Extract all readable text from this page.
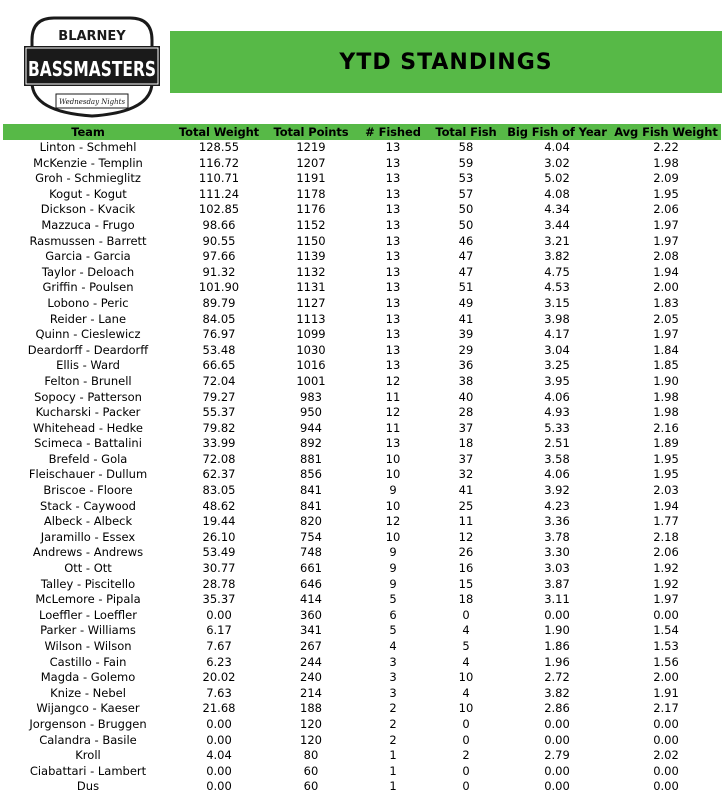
BLARNEY
BASSMASTERS
Wednesday Nights
YTD STANDINGS
Team	Total Weight	Total Points	# Fished	Total Fish	Big Fish of Year	Avg Fish Weight
Linton - Schmehl	128.55	1219	13	58	4.04	2.22
McKenzie - Templin	116.72	1207	13	59	3.02	1.98
Groh - Schmieglitz	110.71	1191	13	53	5.02	2.09
Kogut - Kogut	111.24	1178	13	57	4.08	1.95
Dickson - Kvacik	102.85	1176	13	50	4.34	2.06
Mazzuca - Frugo	98.66	1152	13	50	3.44	1.97
Rasmussen - Barrett	90.55	1150	13	46	3.21	1.97
Garcia - Garcia	97.66	1139	13	47	3.82	2.08
Taylor - Deloach	91.32	1132	13	47	4.75	1.94
Griffin - Poulsen	101.90	1131	13	51	4.53	2.00
Lobono - Peric	89.79	1127	13	49	3.15	1.83
Reider - Lane	84.05	1113	13	41	3.98	2.05
Quinn - Cieslewicz	76.97	1099	13	39	4.17	1.97
Deardorff - Deardorff	53.48	1030	13	29	3.04	1.84
Ellis - Ward	66.65	1016	13	36	3.25	1.85
Felton - Brunell	72.04	1001	12	38	3.95	1.90
Sopocy - Patterson	79.27	983	11	40	4.06	1.98
Kucharski - Packer	55.37	950	12	28	4.93	1.98
Whitehead - Hedke	79.82	944	11	37	5.33	2.16
Scimeca - Battalini	33.99	892	13	18	2.51	1.89
Brefeld - Gola	72.08	881	10	37	3.58	1.95
Fleischauer - Dullum	62.37	856	10	32	4.06	1.95
Briscoe - Floore	83.05	841	9	41	3.92	2.03
Stack - Caywood	48.62	841	10	25	4.23	1.94
Albeck - Albeck	19.44	820	12	11	3.36	1.77
Jaramillo - Essex	26.10	754	10	12	3.78	2.18
Andrews - Andrews	53.49	748	9	26	3.30	2.06
Ott - Ott	30.77	661	9	16	3.03	1.92
Talley - Piscitello	28.78	646	9	15	3.87	1.92
McLemore - Pipala	35.37	414	5	18	3.11	1.97
Loeffler - Loeffler	0.00	360	6	0	0.00	0.00
Parker - Williams	6.17	341	5	4	1.90	1.54
Wilson - Wilson	7.67	267	4	5	1.86	1.53
Castillo - Fain	6.23	244	3	4	1.96	1.56
Magda - Golemo	20.02	240	3	10	2.72	2.00
Knize - Nebel	7.63	214	3	4	3.82	1.91
Wijangco - Kaeser	21.68	188	2	10	2.86	2.17
Jorgenson - Bruggen	0.00	120	2	0	0.00	0.00
Calandra - Basile	0.00	120	2	0	0.00	0.00
Kroll	4.04	80	1	2	2.79	2.02
Ciabattari - Lambert	0.00	60	1	0	0.00	0.00
Dus	0.00	60	1	0	0.00	0.00
